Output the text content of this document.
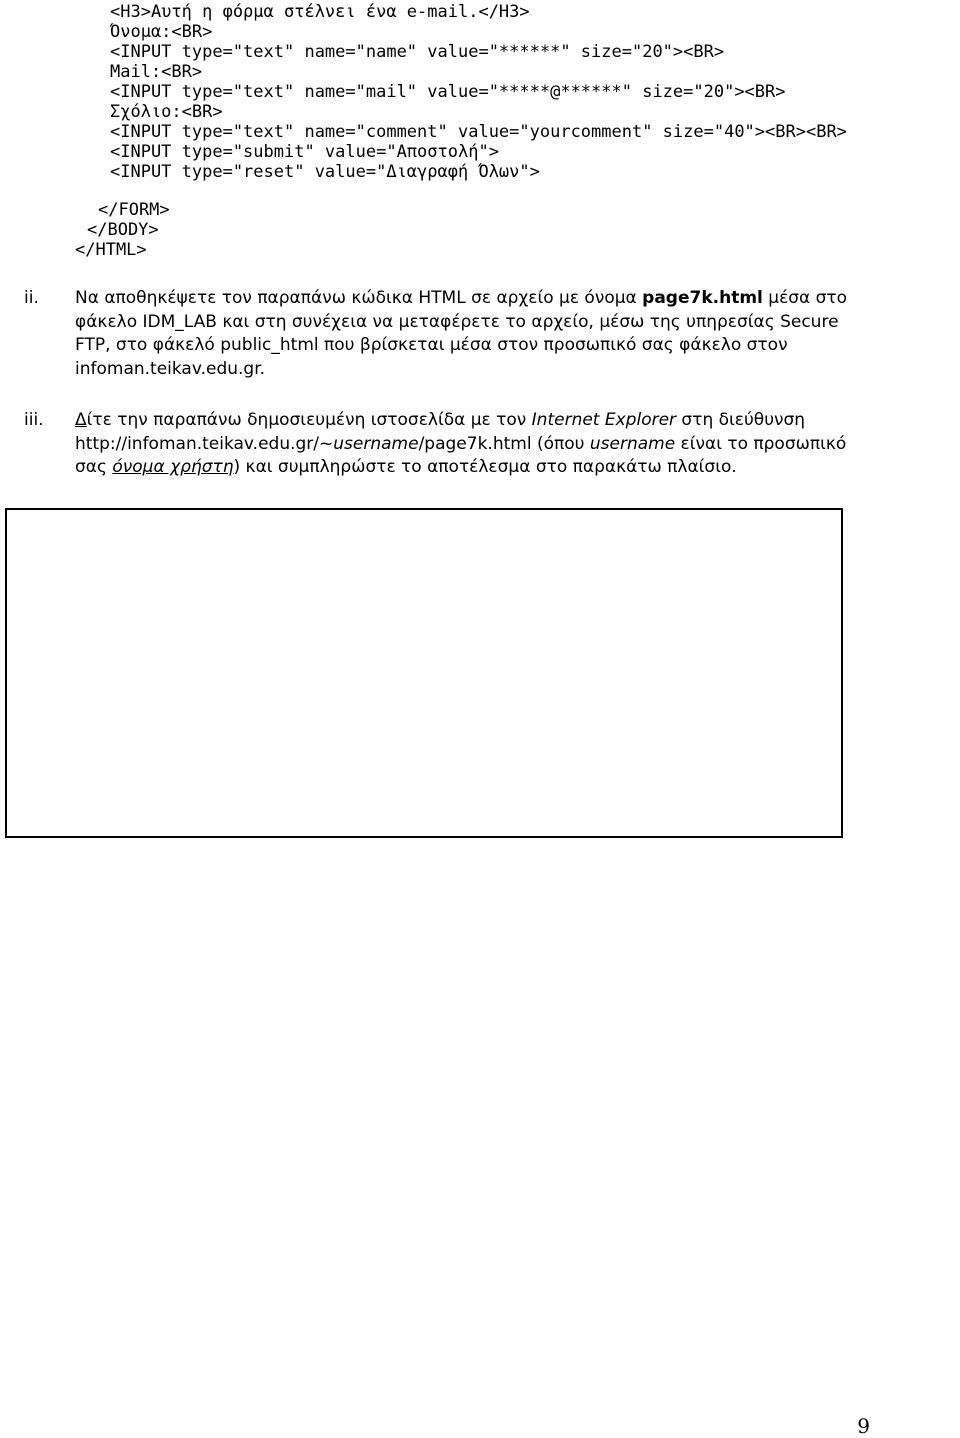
<H3>Αυτή η φόρμα στέλνει ένα e-mail.</H3>
Όνομα:<BR>
<INPUT type="text" name="name" value="******" size="20"><BR>
Mail:<BR>
<INPUT type="text" name="mail" value="*****@******" size="20"><BR>
Σχόλιο:<BR>
<INPUT type="text" name="comment" value="yourcomment" size="40"><BR><BR>
<INPUT type="submit" value="Αποστολή">
<INPUT type="reset" value="Διαγραφή Όλων">
</FORM>
</BODY>
</HTML>
ii. Να αποθηκέψετε τον παραπάνω κώδικα HTML σε αρχείο με όνομα page7k.html μέσα στο φάκελο IDM_LAB και στη συνέχεια να μεταφέρετε το αρχείο, μέσω της υπηρεσίας Secure FTP, στο φάκελό public_html που βρίσκεται μέσα στον προσωπικό σας φάκελο στον infoman.teikav.edu.gr.
iii. Δίτε την παραπάνω δημοσιευμένη ιστοσελίδα με τον Internet Explorer στη διεύθυνση http://infoman.teikav.edu.gr/~username/page7k.html (όπου username είναι το προσωπικό σας όνομα χρήστη) και συμπληρώστε το αποτέλεσμα στο παρακάτω πλαίσιο.
9
